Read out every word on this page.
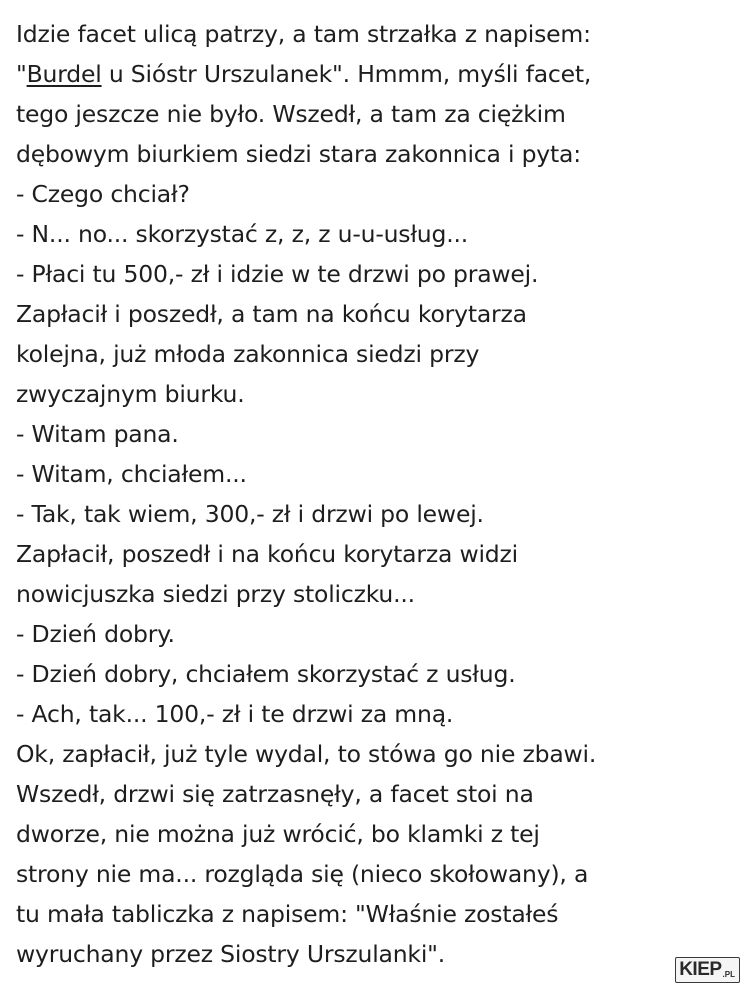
Idzie facet ulicą patrzy, a tam strzałka z napisem:
"Burdel u Sióstr Urszulanek". Hmmm, myśli facet,
tego jeszcze nie było. Wszedł, a tam za ciężkim
dębowym biurkiem siedzi stara zakonnica i pyta:
- Czego chciał?
- N... no... skorzystać z, z, z u-u-usług...
- Płaci tu 500,- zł i idzie w te drzwi po prawej.
Zapłacił i poszedł, a tam na końcu korytarza
kolejna, już młoda zakonnica siedzi przy
zwyczajnym biurku.
- Witam pana.
- Witam, chciałem...
- Tak, tak wiem, 300,- zł i drzwi po lewej.
Zapłacił, poszedł i na końcu korytarza widzi
nowicjuszka siedzi przy stoliczku...
- Dzień dobry.
- Dzień dobry, chciałem skorzystać z usług.
- Ach, tak... 100,- zł i te drzwi za mną.
Ok, zapłacił, już tyle wydal, to stówa go nie zbawi.
Wszedł, drzwi się zatrzasnęły, a facet stoi na
dworze, nie można już wrócić, bo klamki z tej
strony nie ma... rozgląda się (nieco skołowany), a
tu mała tabliczka z napisem: "Właśnie zostałeś
wyruchany przez Siostry Urszulanki".
KIEP .PL
